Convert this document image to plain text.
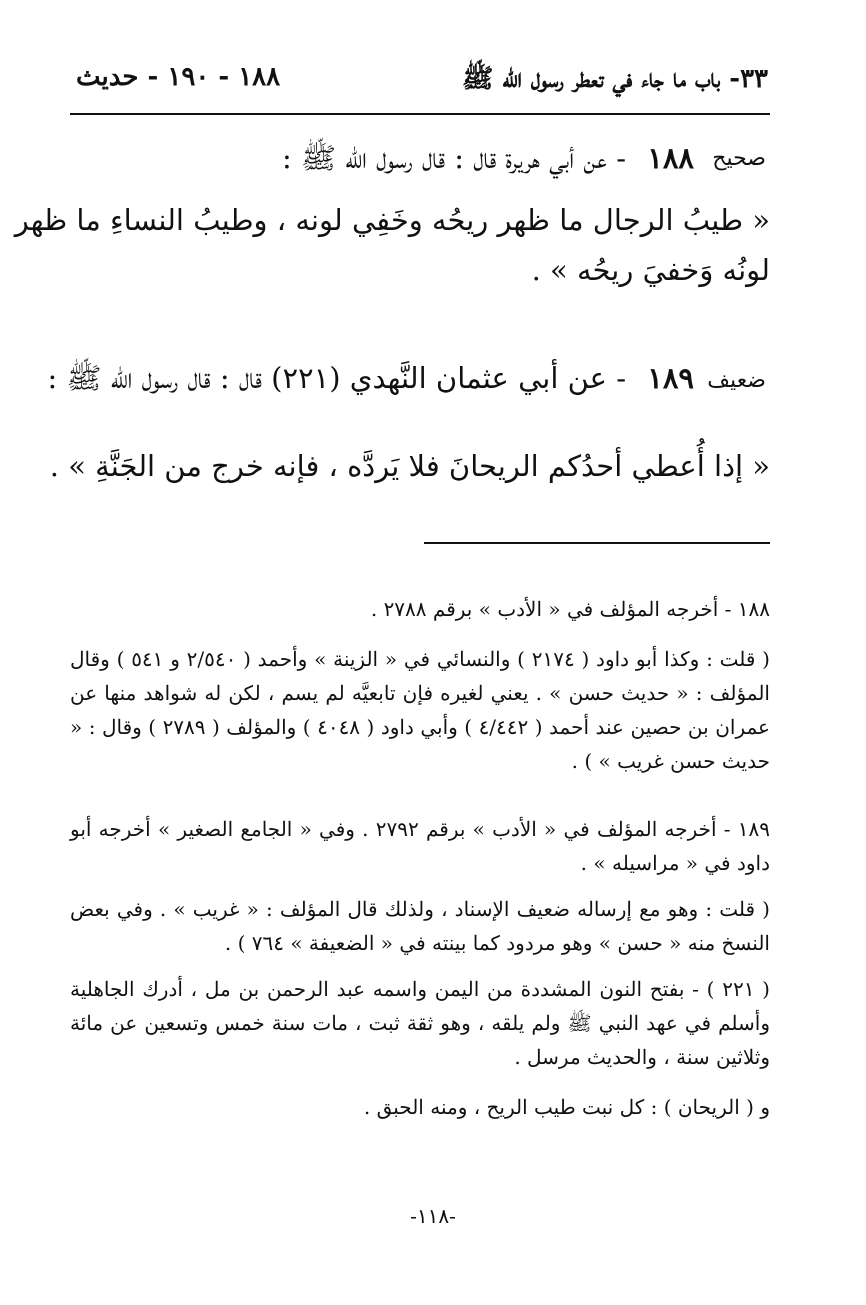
٣٣- باب ما جاء في تعطر رسول الله ﷺ
١٨٨ - ١٩٠ - حديث
صحيح
١٨٨
- عن أبي هريرة قال : قال رسول الله ﷺ :
« طيبُ الرجال ما ظهر ريحُه وخَفِي لونه ، وطيبُ النساءِ ما ظهر
لونُه وَخفيَ ريحُه » .
ضعيف
١٨٩
- عن أبي عثمان النَّهدي (٢٢١) قال : قال رسول الله ﷺ :
« إذا أُعطي أحدُكم الريحانَ فلا يَردَّه ، فإنه خرج من الجَنَّةِ » .
١٨٨ - أخرجه المؤلف في « الأدب » برقم ٢٧٨٨ .
( قلت : وكذا أبو داود ( ٢١٧٤ ) والنسائي في « الزينة » وأحمد ( ٢/٥٤٠ و ٥٤١ ) وقال المؤلف : « حديث حسن » . يعني لغيره فإن تابعيَّه لم يسم ، لكن له شواهد منها عن عمران بن حصين عند أحمد ( ٤/٤٤٢ ) وأبي داود ( ٤٠٤٨ ) والمؤلف ( ٢٧٨٩ ) وقال : « حديث حسن غريب » ) .
١٨٩ - أخرجه المؤلف في « الأدب » برقم ٢٧٩٢ . وفي « الجامع الصغير » أخرجه أبو داود في « مراسيله » .
( قلت : وهو مع إرساله ضعيف الإسناد ، ولذلك قال المؤلف : « غريب » . وفي بعض النسخ منه « حسن » وهو مردود كما بينته في « الضعيفة » ٧٦٤ ) .
( ٢٢١ ) - بفتح النون المشددة من اليمن واسمه عبد الرحمن بن مل ، أدرك الجاهلية وأسلم في عهد النبي ﷺ ولم يلقه ، وهو ثقة ثبت ، مات سنة خمس وتسعين عن مائة وثلاثين سنة ، والحديث مرسل .
و ( الريحان ) : كل نبت طيب الريح ، ومنه الحبق .
-١١٨-
